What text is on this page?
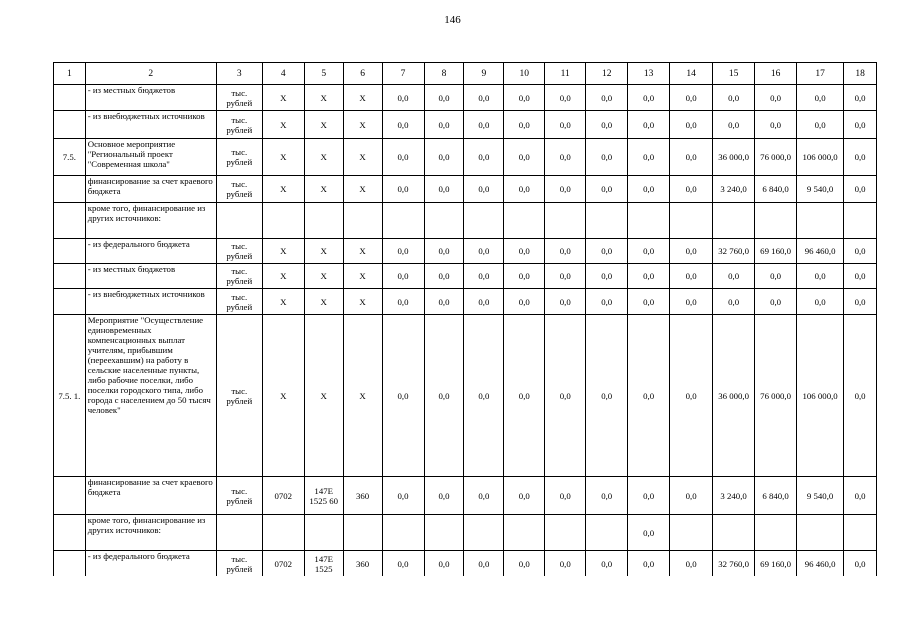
146
1	2	3	4	5	6	7	8	9	10	11	12	13	14	15	16	17	18
	- из местных бюджетов	тыс. рублей	X	X	X	0,0	0,0	0,0	0,0	0,0	0,0	0,0	0,0	0,0	0,0	0,0	0,0
	- из внебюджетных источников	тыс. рублей	X	X	X	0,0	0,0	0,0	0,0	0,0	0,0	0,0	0,0	0,0	0,0	0,0	0,0
7.5.	Основное мероприятие "Региональный проект "Современная школа"	тыс. рублей	X	X	X	0,0	0,0	0,0	0,0	0,0	0,0	0,0	0,0	36 000,0	76 000,0	106 000,0	0,0
	финансирование за счет краевого бюджета	тыс. рублей	X	X	X	0,0	0,0	0,0	0,0	0,0	0,0	0,0	0,0	3 240,0	6 840,0	9 540,0	0,0
	кроме того, финансирование из других источников:																
	- из федерального бюджета	тыс. рублей	X	X	X	0,0	0,0	0,0	0,0	0,0	0,0	0,0	0,0	32 760,0	69 160,0	96 460,0	0,0
	- из местных бюджетов	тыс. рублей	X	X	X	0,0	0,0	0,0	0,0	0,0	0,0	0,0	0,0	0,0	0,0	0,0	0,0
	- из внебюджетных источников	тыс. рублей	X	X	X	0,0	0,0	0,0	0,0	0,0	0,0	0,0	0,0	0,0	0,0	0,0	0,0
7.5. 1.	Мероприятие "Осуществление единовременных компенсационных выплат учителям, прибывшим (переехавшим) на работу в сельские населенные пункты, либо рабочие поселки, либо поселки городского типа, либо города с населением до 50 тысяч человек"	тыс. рублей	X	X	X	0,0	0,0	0,0	0,0	0,0	0,0	0,0	0,0	36 000,0	76 000,0	106 000,0	0,0
	финансирование за счет краевого бюджета	тыс. рублей	0702	147E 1525 60	360	0,0	0,0	0,0	0,0	0,0	0,0	0,0	0,0	3 240,0	6 840,0	9 540,0	0,0
	кроме того, финансирование из других источников:											0,0					
	- из федерального бюджета	тыс. рублей	0702	147E 1525	360	0,0	0,0	0,0	0,0	0,0	0,0	0,0	0,0	32 760,0	69 160,0	96 460,0	0,0
